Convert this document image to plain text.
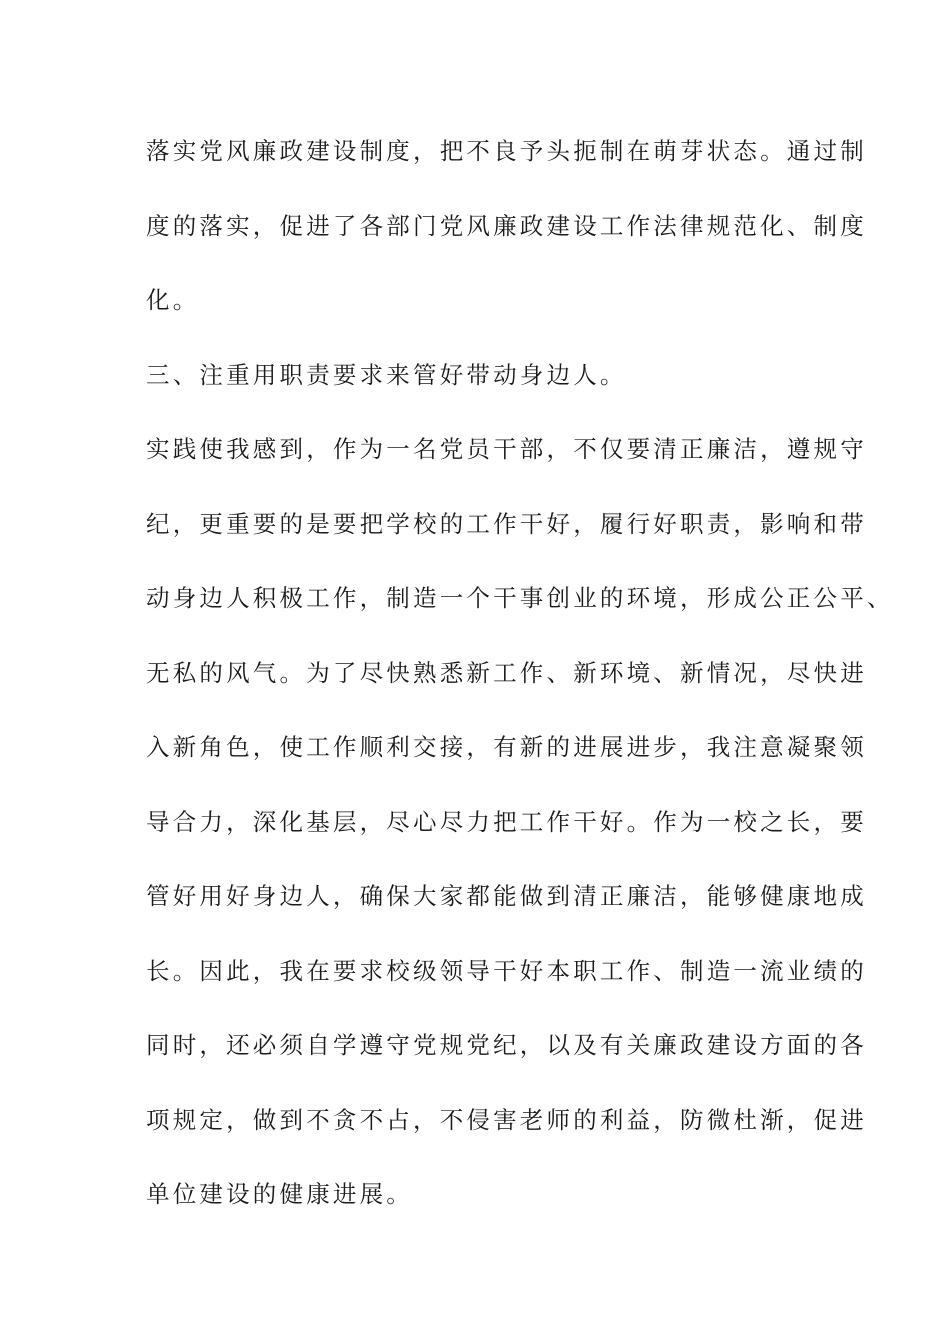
落实党风廉政建设制度，把不良予头扼制在萌芽状态。通过制
度的落实，促进了各部门党风廉政建设工作法律规范化、制度
化。
三、注重用职责要求来管好带动身边人。
实践使我感到，作为一名党员干部，不仅要清正廉洁，遵规守
纪，更重要的是要把学校的工作干好，履行好职责，影响和带
动身边人积极工作，制造一个干事创业的环境，形成公正公平、
无私的风气。为了尽快熟悉新工作、新环境、新情况，尽快进
入新角色，使工作顺利交接，有新的进展进步，我注意凝聚领
导合力，深化基层，尽心尽力把工作干好。作为一校之长，要
管好用好身边人，确保大家都能做到清正廉洁，能够健康地成
长。因此，我在要求校级领导干好本职工作、制造一流业绩的
同时，还必须自学遵守党规党纪，以及有关廉政建设方面的各
项规定，做到不贪不占，不侵害老师的利益，防微杜渐，促进
单位建设的健康进展。
